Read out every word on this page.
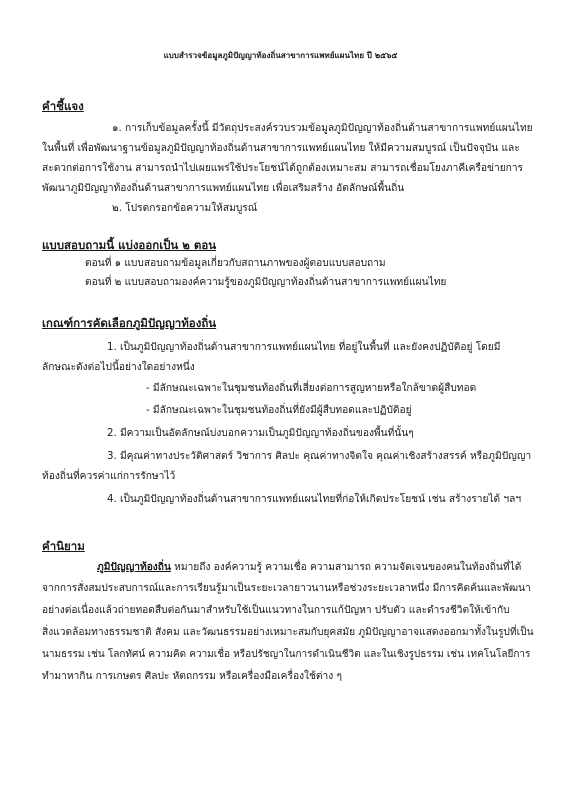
แบบสำรวจข้อมูลภูมิปัญญาท้องถิ่นสาขาการแพทย์แผนไทย ปี ๒๕๖๕
คำชี้แจง
๑. การเก็บข้อมูลครั้งนี้ มีวัตถุประสงค์รวบรวมข้อมูลภูมิปัญญาท้องถิ่นด้านสาขาการแพทย์แผนไทย
ในพื้นที่ เพื่อพัฒนาฐานข้อมูลภูมิปัญญาท้องถิ่นด้านสาขาการแพทย์แผนไทย ให้มีความสมบูรณ์ เป็นปัจจุบัน และ
สะดวกต่อการใช้งาน สามารถนำไปเผยแพร่ใช้ประโยชน์ได้ถูกต้องเหมาะสม สามารถเชื่อมโยงภาคีเครือข่ายการ
พัฒนาภูมิปัญญาท้องถิ่นด้านสาขาการแพทย์แผนไทย เพื่อเสริมสร้าง อัตลักษณ์พื้นถิ่น
๒. โปรดกรอกข้อความให้สมบูรณ์
แบบสอบถามนี้ แบ่งออกเป็น ๒ ตอน
ตอนที่ ๑ แบบสอบถามข้อมูลเกี่ยวกับสถานภาพของผู้ตอบแบบสอบถาม
ตอนที่ ๒ แบบสอบถามองค์ความรู้ของภูมิปัญญาท้องถิ่นด้านสาขาการแพทย์แผนไทย
เกณฑ์การคัดเลือกภูมิปัญญาท้องถิ่น
1. เป็นภูมิปัญญาท้องถิ่นด้านสาขาการแพทย์แผนไทย ที่อยู่ในพื้นที่ และยังคงปฏิบัติอยู่ โดยมี
ลักษณะดังต่อไปนี้อย่างใดอย่างหนึ่ง
- มีลักษณะเฉพาะในชุมชนท้องถิ่นที่เสี่ยงต่อการสูญหายหรือใกล้ขาดผู้สืบทอด
- มีลักษณะเฉพาะในชุมชนท้องถิ่นที่ยังมีผู้สืบทอดและปฏิบัติอยู่
2. มีความเป็นอัตลักษณ์บ่งบอกความเป็นภูมิปัญญาท้องถิ่นของพื้นที่นั้นๆ
3. มีคุณค่าทางประวัติศาสตร์ วิชาการ ศิลปะ คุณค่าทางจิตใจ คุณค่าเชิงสร้างสรรค์ หรือภูมิปัญญา
ท้องถิ่นที่ควรค่าแก่การรักษาไว้
4. เป็นภูมิปัญญาท้องถิ่นด้านสาขาการแพทย์แผนไทยที่ก่อให้เกิดประโยชน์ เช่น สร้างรายได้ ฯลฯ
คำนิยาม
ภูมิปัญญาท้องถิ่น หมายถึง องค์ความรู้ ความเชื่อ ความสามารถ ความจัดเจนของคนในท้องถิ่นที่ได้
จากการสั่งสมประสบการณ์และการเรียนรู้มาเป็นระยะเวลายาวนานหรือช่วงระยะเวลาหนึ่ง มีการคิดค้นและพัฒนา
อย่างต่อเนื่องแล้วถ่ายทอดสืบต่อกันมาสำหรับใช้เป็นแนวทางในการแก้ปัญหา ปรับตัว และดำรงชีวิตให้เข้ากับ
สิ่งแวดล้อมทางธรรมชาติ สังคม และวัฒนธรรมอย่างเหมาะสมกับยุคสมัย ภูมิปัญญาอาจแสดงออกมาทั้งในรูปที่เป็น
นามธรรม เช่น โลกทัศน์ ความคิด ความเชื่อ หรือปรัชญาในการดำเนินชีวิต และในเชิงรูปธรรม เช่น เทคโนโลยีการ
ทำมาหากิน การเกษตร ศิลปะ หัตถกรรม หรือเครื่องมือเครื่องใช้ต่าง ๆ
